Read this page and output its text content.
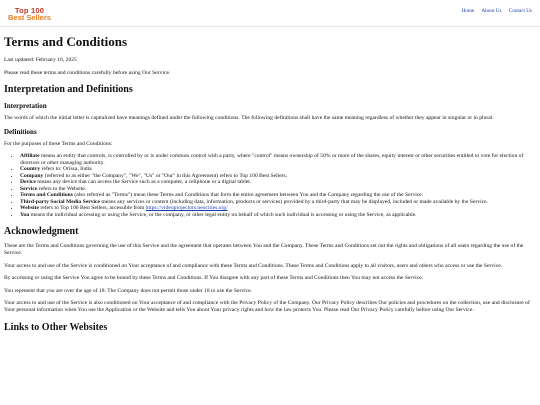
Top 100
Best Sellers
Home About Us Contact Us
Terms and Conditions

Last updated: February 16, 2025

Please read these terms and conditions carefully before using Our Service.

Interpretation and Definitions
Interpretation

The words of which the initial letter is capitalized have meanings defined under the following conditions. The following definitions shall have the same meaning regardless of whether they appear in singular or in plural.

Definitions

For the purposes of these Terms and Conditions:

• Affiliate means an entity that controls, is controlled by or is under common control with a party, where "control" means ownership of 50% or more of the shares, equity interest or other securities entitled to vote for election of directors or other managing authority.
• Country refers to: Orissa, India
• Company (referred to as either "the Company", "We", "Us" or "Our" in this Agreement) refers to Top 100 Best Sellers.
• Device means any device that can access the Service such as a computer, a cellphone or a digital tablet.
• Service refers to the Website.
• Terms and Conditions (also referred as "Terms") mean these Terms and Conditions that form the entire agreement between You and the Company regarding the use of the Service.
• Third-party Social Media Service means any services or content (including data, information, products or services) provided by a third-party that may be displayed, included or made available by the Service.
• Website refers to Top 100 Best Sellers, accessible from https://videoprojectors.neocities.org/
• You means the individual accessing or using the Service, or the company, or other legal entity on behalf of which such individual is accessing or using the Service, as applicable.
Acknowledgment

These are the Terms and Conditions governing the use of this Service and the agreement that operates between You and the Company. These Terms and Conditions set out the rights and obligations of all users regarding the use of the Service.

Your access to and use of the Service is conditioned on Your acceptance of and compliance with these Terms and Conditions. These Terms and Conditions apply to all visitors, users and others who access or use the Service.

By accessing or using the Service You agree to be bound by these Terms and Conditions. If You disagree with any part of these Terms and Conditions then You may not access the Service.

You represent that you are over the age of 18. The Company does not permit those under 18 to use the Service.

Your access to and use of the Service is also conditioned on Your acceptance of and compliance with the Privacy Policy of the Company. Our Privacy Policy describes Our policies and procedures on the collection, use and disclosure of Your personal information when You use the Application or the Website and tells You about Your privacy rights and how the law protects You. Please read Our Privacy Policy carefully before using Our Service.

Links to Other Websites
